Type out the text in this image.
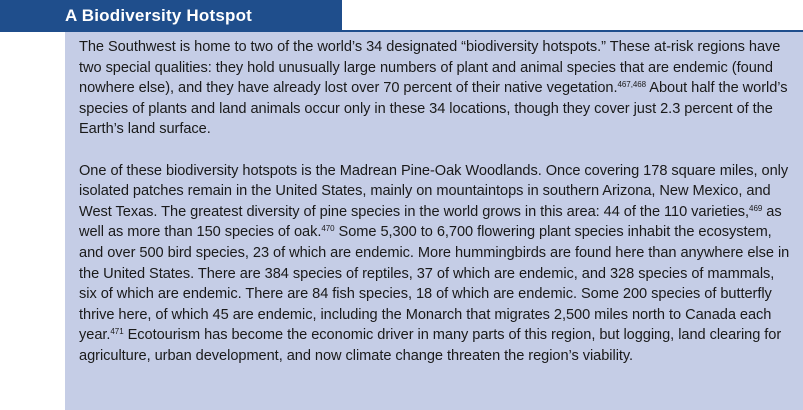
A Biodiversity Hotspot

The Southwest is home to two of the world’s 34 designated “biodiversity hotspots.” These at-risk regions have two special qualities: they hold unusually large numbers of plant and animal species that are endemic (found nowhere else), and they have already lost over 70 percent of their native vegetation.$^{467,468}$ About half the world’s species of plants and land animals occur only in these 34 locations, though they cover just 2.3 percent of the Earth’s land surface.

One of these biodiversity hotspots is the Madrean Pine-Oak Woodlands. Once covering 178 square miles, only isolated patches remain in the United States, mainly on mountaintops in southern Arizona, New Mexico, and West Texas. The greatest diversity of pine species in the world grows in this area: 44 of the 110 varieties,$^{469}$ as well as more than 150 species of oak.$^{470}$ Some 5,300 to 6,700 flowering plant species inhabit the ecosystem, and over 500 bird species, 23 of which are endemic. More hummingbirds are found here than anywhere else in the United States. There are 384 species of reptiles, 37 of which are endemic, and 328 species of mammals, six of which are endemic. There are 84 fish species, 18 of which are endemic. Some 200 species of butterfly thrive here, of which 45 are endemic, including the Monarch that migrates 2,500 miles north to Canada each year.$^{471}$ Ecotourism has become the economic driver in many parts of this region, but logging, land clearing for agriculture, urban development, and now climate change threaten the region’s viability.
